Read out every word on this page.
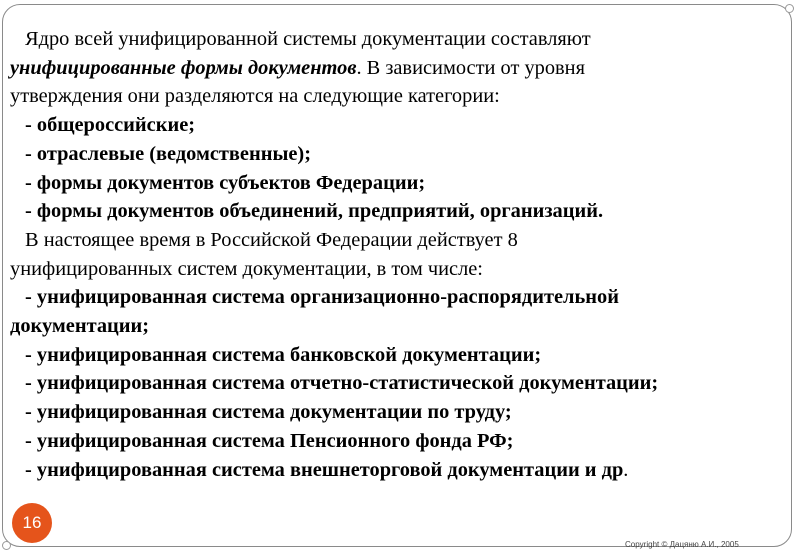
Ядро всей унифицированной системы документации составляют
унифицированные формы документов. В зависимости от уровня
утверждения они разделяются на следующие категории:
- общероссийские;
- отраслевые (ведомственные);
- формы документов субъектов Федерации;
- формы документов объединений, предприятий, организаций.
В настоящее время в Российской Федерации действует 8
унифицированных систем документации, в том числе:
- унифицированная система организационно-распорядительной
документации;
- унифицированная система банковской документации;
- унифицированная система отчетно-статистической документации;
- унифицированная система документации по труду;
- унифицированная система Пенсионного фонда РФ;
- унифицированная система внешнеторговой документации и др.
16
Copyright © Дацяню А.И., 2005
